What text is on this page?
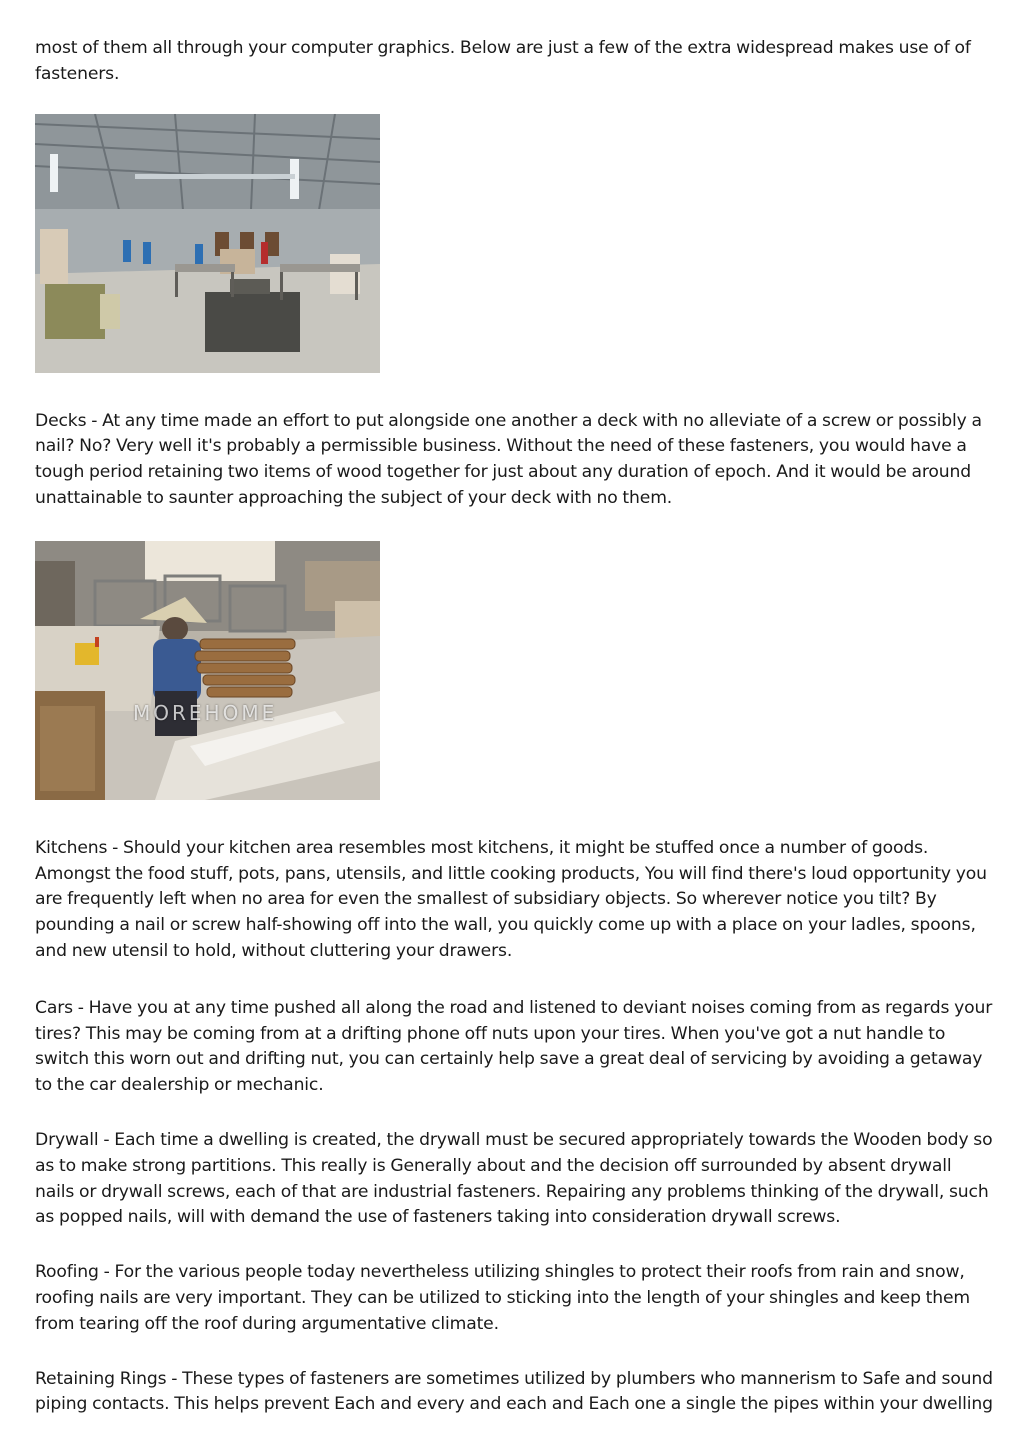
most of them all through your computer graphics. Below are just a few of the extra widespread makes use of of fasteners.

Decks - At any time made an effort to put alongside one another a deck with no alleviate of a screw or possibly a nail? No? Very well it's probably a permissible business. Without the need of these fasteners, you would have a tough period retaining two items of wood together for just about any duration of epoch. And it would be around unattainable to saunter approaching the subject of your deck with no them.

MOREHOME

Kitchens - Should your kitchen area resembles most kitchens, it might be stuffed once a number of goods. Amongst the food stuff, pots, pans, utensils, and little cooking products, You will find there's loud opportunity you are frequently left when no area for even the smallest of subsidiary objects. So wherever notice you tilt? By pounding a nail or screw half-showing off into the wall, you quickly come up with a place on your ladles, spoons, and new utensil to hold, without cluttering your drawers.

Cars - Have you at any time pushed all along the road and listened to deviant noises coming from as regards your tires? This may be coming from at a drifting phone off nuts upon your tires. When you've got a nut handle to switch this worn out and drifting nut, you can certainly help save a great deal of servicing by avoiding a getaway to the car dealership or mechanic.

Drywall - Each time a dwelling is created, the drywall must be secured appropriately towards the Wooden body so as to make strong partitions. This really is Generally about and the decision off surrounded by absent drywall nails or drywall screws, each of that are industrial fasteners. Repairing any problems thinking of the drywall, such as popped nails, will with demand the use of fasteners taking into consideration drywall screws.

Roofing - For the various people today nevertheless utilizing shingles to protect their roofs from rain and snow, roofing nails are very important. They can be utilized to sticking into the length of your shingles and keep them from tearing off the roof during argumentative climate.

Retaining Rings - These types of fasteners are sometimes utilized by plumbers who mannerism to Safe and sound piping contacts. This helps prevent Each and every and each and Each one a single the pipes within your dwelling
